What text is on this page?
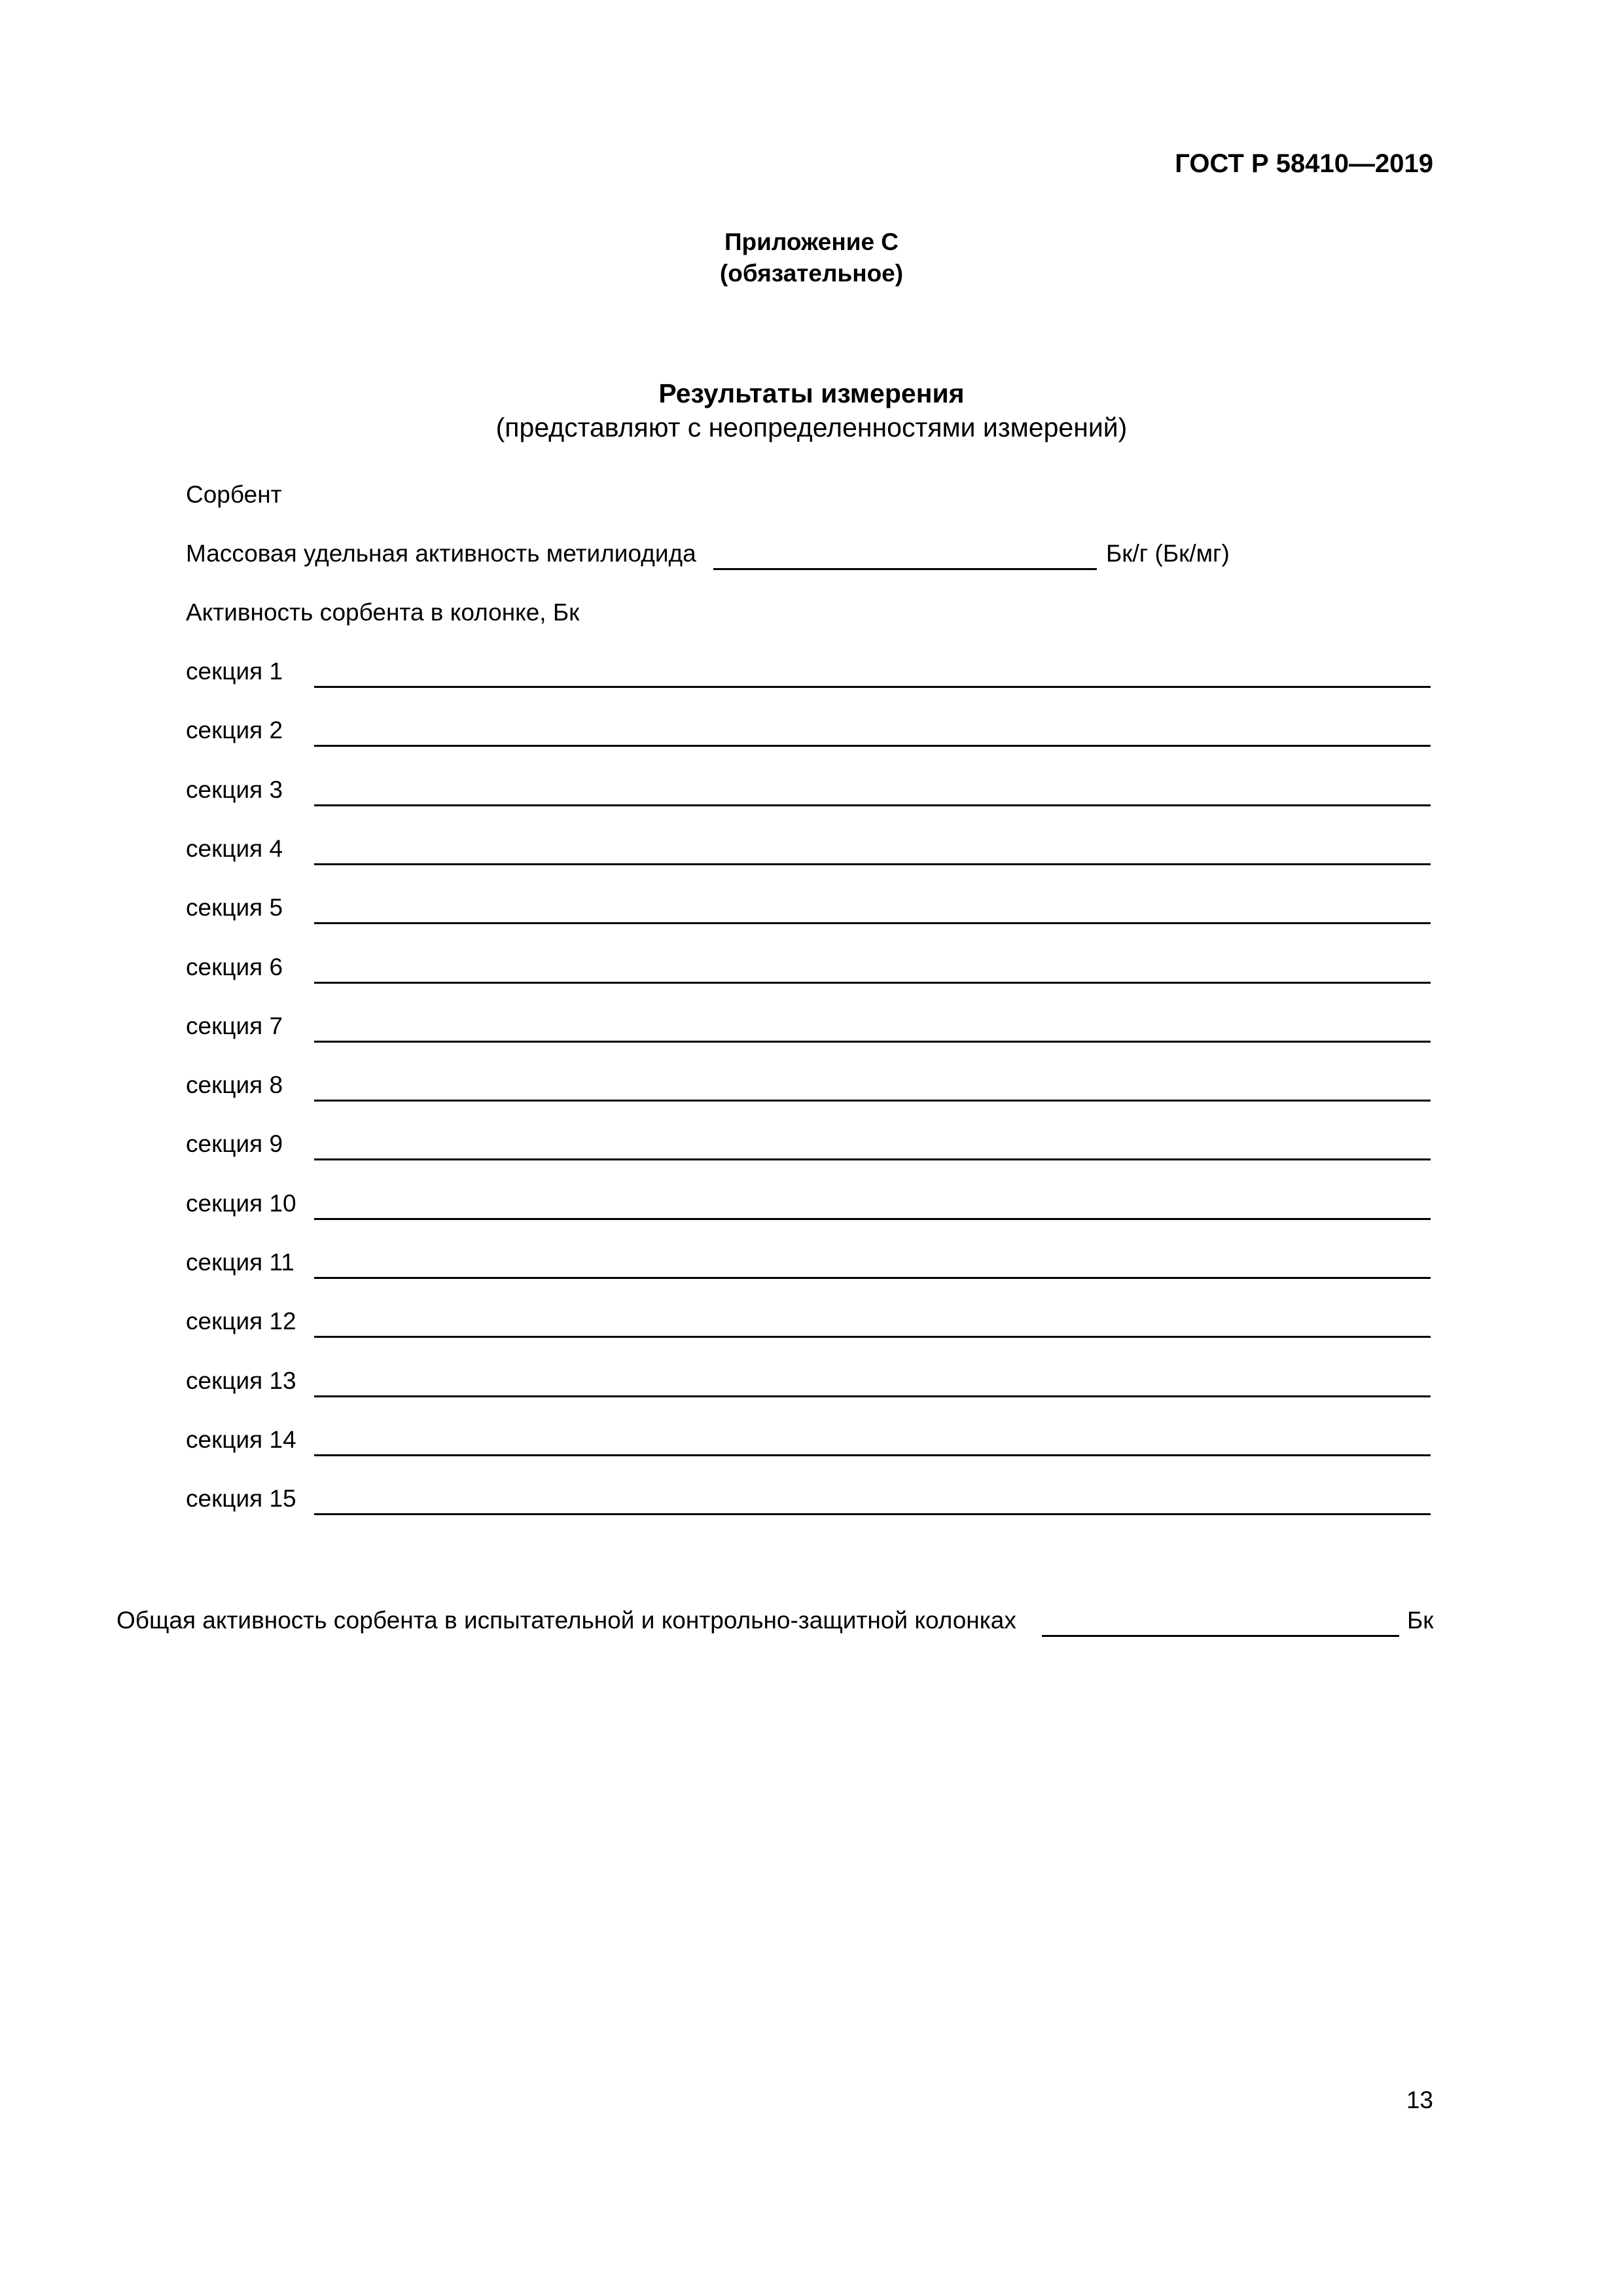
ГОСТ Р 58410—2019
Приложение С
(обязательное)
Результаты измерения
(представляют с неопределенностями измерений)
Сорбент
Массовая удельная активность метилиодида	Бк/г (Бк/мг)
Активность сорбента в колонке, Бк
секция 1
секция 2
секция 3
секция 4
секция 5
секция 6
секция 7
секция 8
секция 9
секция 10
секция 11
секция 12
секция 13
секция 14
секция 15
Общая активность сорбента в испытательной и контрольно-защитной колонках	Бк
13
